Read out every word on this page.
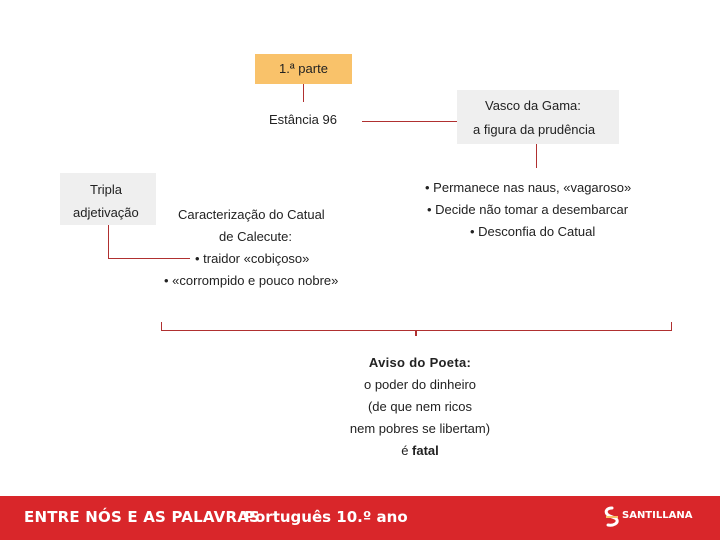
1.ª parte
Estância 96
Vasco da Gama:
a figura da prudência
• Permanece nas naus, «vagaroso»
• Decide não tomar a desembarcar
• Desconfia do Catual
Tripla
adjetivação	Caracterização do Catual
de Calecute:
• traidor «cobiçoso»
• «corrompido e pouco nobre»
Aviso do Poeta:
o poder do dinheiro
(de que nem ricos
nem pobres se libertam)
é fatal
ENTRE NÓS E AS PALAVRAS
Português 10.º ano	SANTILLANA
